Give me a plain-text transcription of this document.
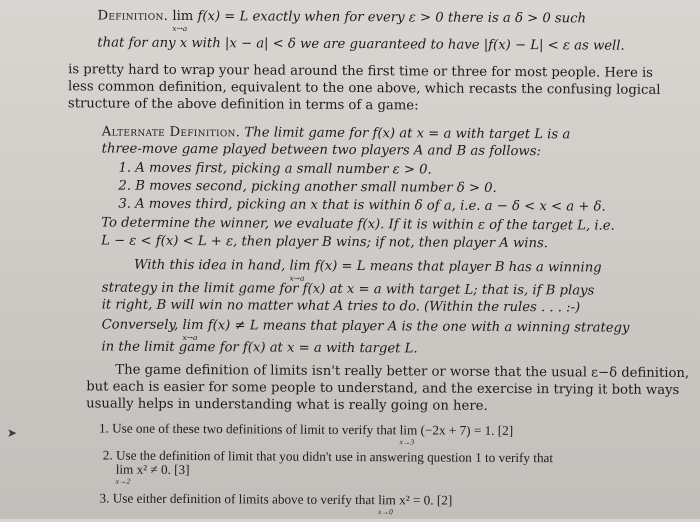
Definition. lim
x→a
f(x) = L exactly when for every ε > 0 there is a δ > 0 such
that for any x with |x − a| < δ we are guaranteed to have |f(x) − L| < ε as well.
is pretty hard to wrap your head around the first time or three for most people. Here is
less common definition, equivalent to the one above, which recasts the confusing logical
structure of the above definition in terms of a game:
Alternate Definition. The limit game for f(x) at x = a with target L is a
three-move game played between two players A and B as follows:
1. A moves first, picking a small number ε > 0.
2. B moves second, picking another small number δ > 0.
3. A moves third, picking an x that is within δ of a, i.e. a − δ < x < a + δ.
To determine the winner, we evaluate f(x). If it is within ε of the target L, i.e.
L − ε < f(x) < L + ε, then player B wins; if not, then player A wins.
With this idea in hand, lim
x→a
f(x) = L means that player B has a winning
strategy in the limit game for f(x) at x = a with target L; that is, if B plays
it right, B will win no matter what A tries to do. (Within the rules . . . :-)
Conversely, lim
x→a
f(x) ≠ L means that player A is the one with a winning strategy
in the limit game for f(x) at x = a with target L.
The game definition of limits isn't really better or worse that the usual ε−δ definition,
but each is easier for some people to understand, and the exercise in trying it both ways
usually helps in understanding what is really going on here.
➤	1. Use one of these two definitions of limit to verify that lim
x→3
(−2x + 7) = 1. [2]
2. Use the definition of limit that you didn't use in answering question 1 to verify that
lim
x→2
x² ≠ 0. [3]
3. Use either definition of limits above to verify that lim
x→0
x² = 0. [2]
